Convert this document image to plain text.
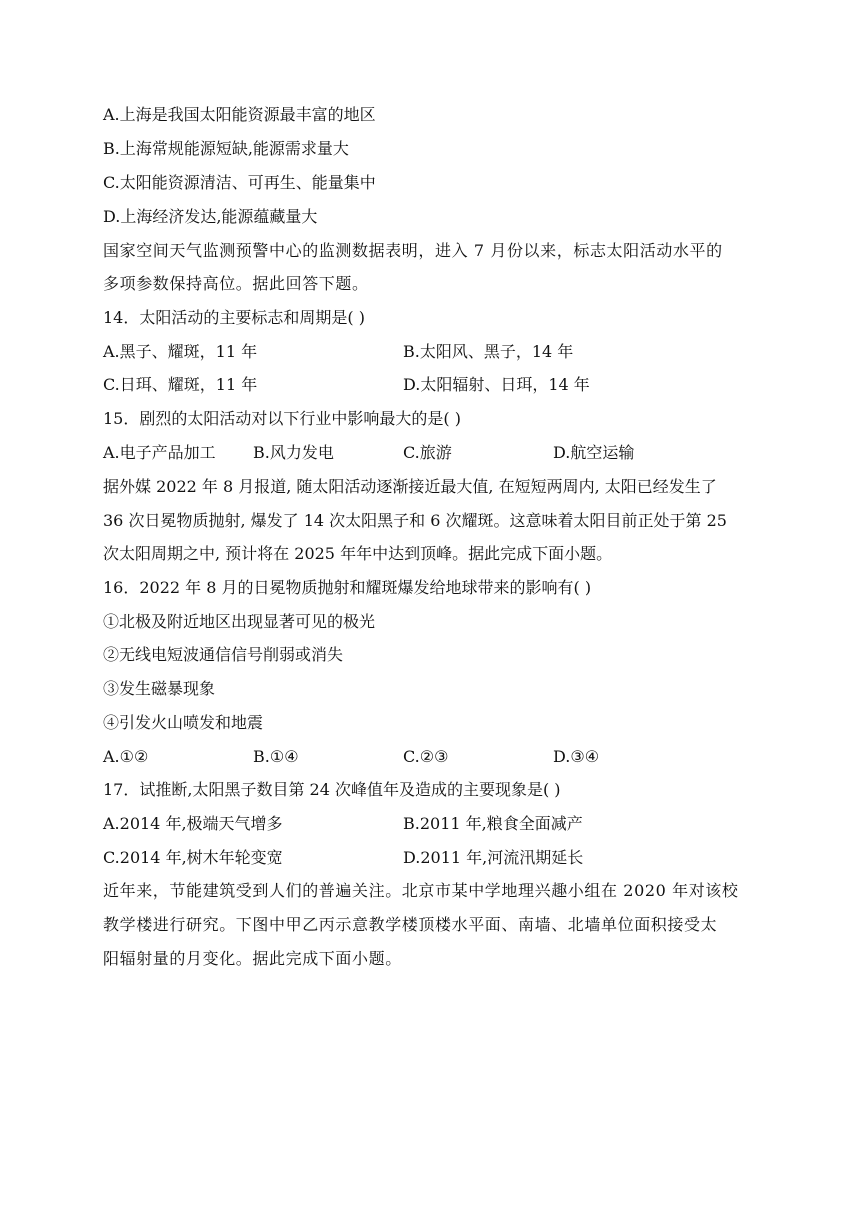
A.上海是我国太阳能资源最丰富的地区
B.上海常规能源短缺,能源需求量大
C.太阳能资源清洁、可再生、能量集中
D.上海经济发达,能源蕴藏量大
国家空间天气监测预警中心的监测数据表明，进入 7 月份以来，标志太阳活动水平的
多项参数保持高位。据此回答下题。
14．太阳活动的主要标志和周期是( )
A.黑子、耀斑，11 年	B.太阳风、黑子，14 年
C.日珥、耀斑，11 年	D.太阳辐射、日珥，14 年
15．剧烈的太阳活动对以下行业中影响最大的是( )
A.电子产品加工 B.风力发电	C.旅游	D.航空运输
据外媒 2022 年 8 月报道, 随太阳活动逐渐接近最大值, 在短短两周内, 太阳已经发生了
36 次日冕物质抛射, 爆发了 14 次太阳黑子和 6 次耀斑。这意味着太阳目前正处于第 25
次太阳周期之中, 预计将在 2025 年年中达到顶峰。据此完成下面小题。
16．2022 年 8 月的日冕物质抛射和耀斑爆发给地球带来的影响有( )
①北极及附近地区出现显著可见的极光
②无线电短波通信信号削弱或消失
③发生磁暴现象
④引发火山喷发和地震
A.①②	B.①④	C.②③	D.③④
17．试推断,太阳黑子数目第 24 次峰值年及造成的主要现象是( )
A.2014 年,极端天气增多	B.2011 年,粮食全面减产
C.2014 年,树木年轮变宽	D.2011 年,河流汛期延长
近年来，节能建筑受到人们的普遍关注。北京市某中学地理兴趣小组在 2020 年对该校
教学楼进行研究。下图中甲乙丙示意教学楼顶楼水平面、南墙、北墙单位面积接受太
阳辐射量的月变化。据此完成下面小题。
